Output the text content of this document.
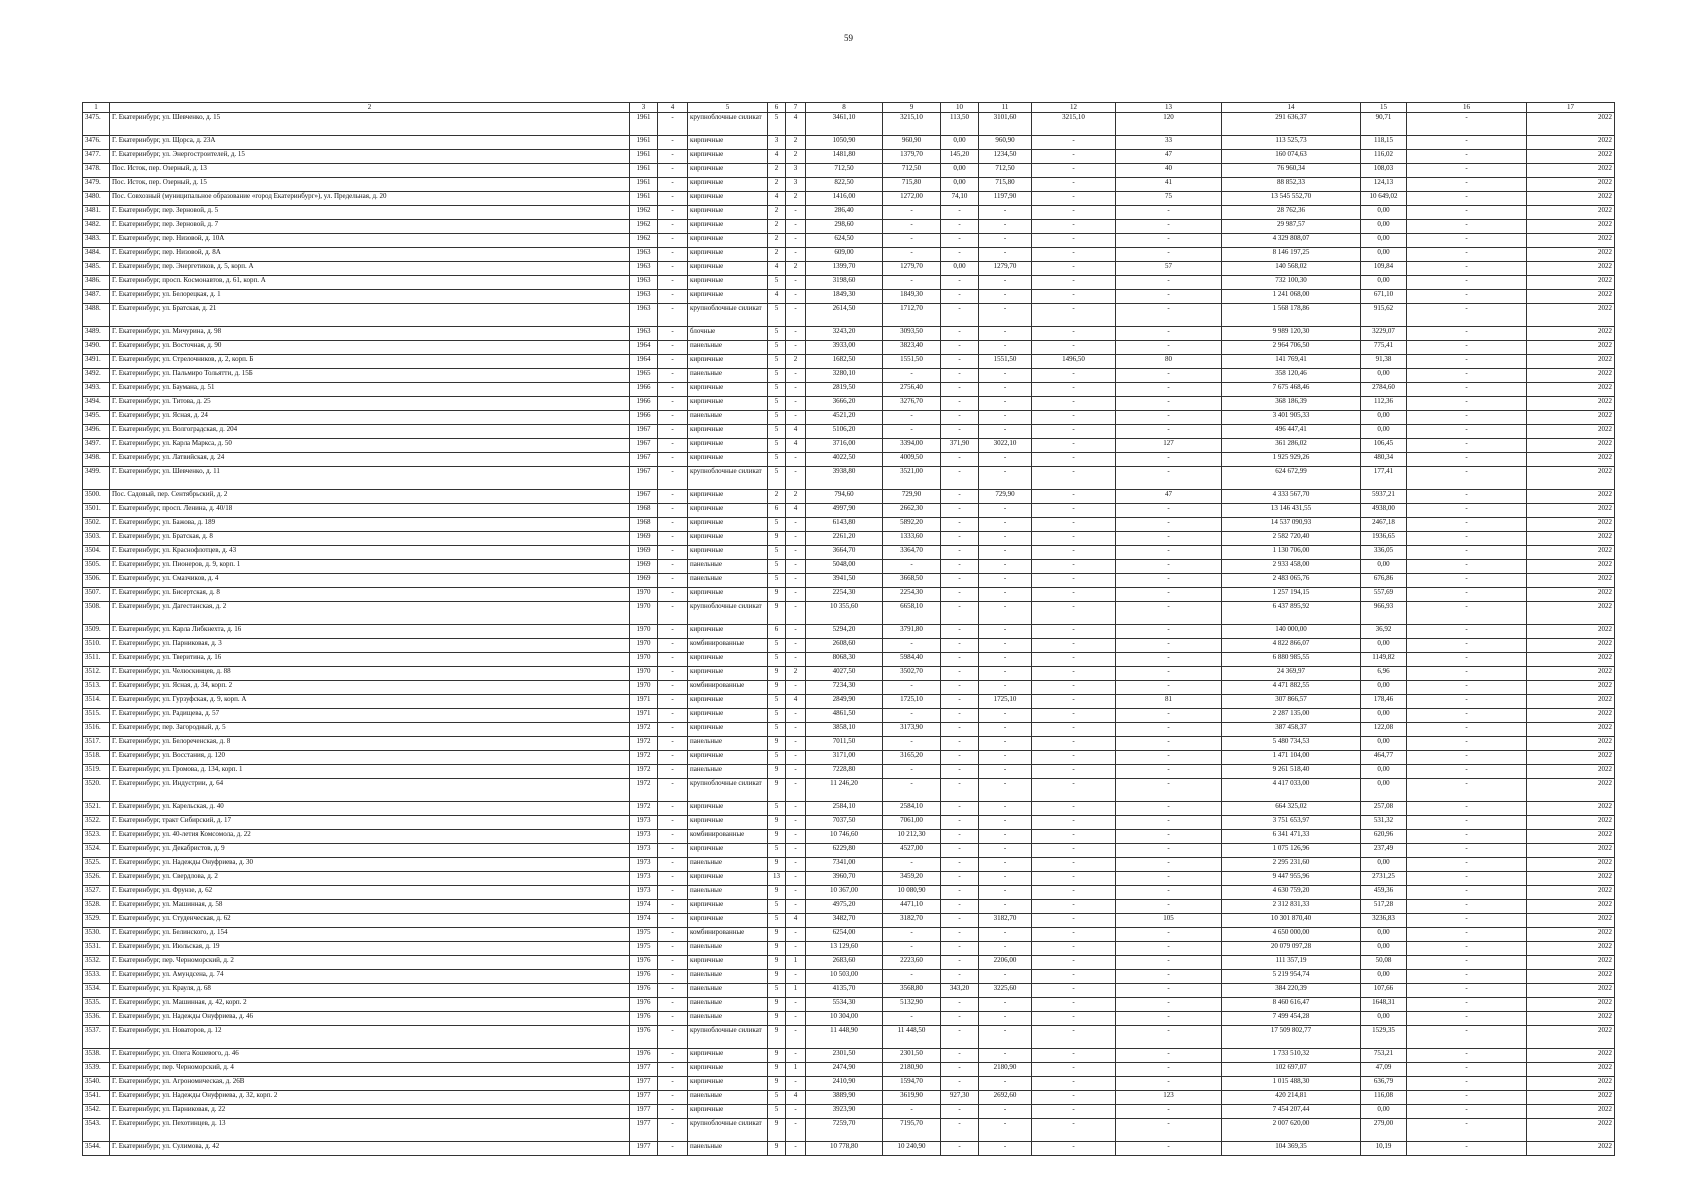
59
1	2	3	4	5	6	7	8	9	10	11	12	13	14	15	16	17
3475.	Г. Екатеринбург, ул. Шевченко, д. 15	1961	-	крупноблочные силикат	5	4	3461,10	3215,10	113,50	3101,60	3215,10	120	291 636,37	90,71	-	2022
3476.	Г. Екатеринбург, ул. Щорса, д. 23А	1961	-	кирпичные	3	2	1050,90	960,90	0,00	960,90	-	33	113 525,73	118,15	-	2022
3477.	Г. Екатеринбург, ул. Энергостроителей, д. 15	1961	-	кирпичные	4	2	1481,80	1379,70	145,20	1234,50	-	47	160 074,63	116,02	-	2022
3478.	Пос. Исток, пер. Озерный, д. 13	1961	-	кирпичные	2	3	712,50	712,50	0,00	712,50	-	40	76 960,34	108,03	-	2022
3479.	Пос. Исток, пер. Озерный, д. 15	1961	-	кирпичные	2	3	822,50	715,80	0,00	715,80	-	41	88 852,33	124,13	-	2022
3480.	Пос. Совхозный (муниципальное образование «город Екатеринбург»), ул. Предельная, д. 20	1961	-	кирпичные	4	2	1416,00	1272,00	74,10	1197,90	-	75	13 545 552,70	10 649,02	-	2022
3481.	Г. Екатеринбург, пер. Зерновой, д. 5	1962	-	кирпичные	2	-	286,40	-	-	-	-	-	28 762,36	0,00	-	2022
3482.	Г. Екатеринбург, пер. Зерновой, д. 7	1962	-	кирпичные	2	-	298,60	-	-	-	-	-	29 987,57	0,00	-	2022
3483.	Г. Екатеринбург, пер. Низовой, д. 10А	1962	-	кирпичные	2	-	624,50	-	-	-	-	-	4 329 808,07	0,00	-	2022
3484.	Г. Екатеринбург, пер. Низовой, д. 8А	1963	-	кирпичные	2	-	609,00	-	-	-	-	-	8 146 197,25	0,00	-	2022
3485.	Г. Екатеринбург, пер. Энергетиков, д. 5, корп. А	1963	-	кирпичные	4	2	1399,70	1279,70	0,00	1279,70	-	57	140 568,02	109,84	-	2022
3486.	Г. Екатеринбург, просп. Космонавтов, д. 61, корп. А	1963	-	кирпичные	5	-	3198,60	-	-	-	-	-	732 100,30	0,00	-	2022
3487.	Г. Екатеринбург, ул. Белорецкая, д. 1	1963	-	кирпичные	4	-	1849,30	1849,30	-	-	-	-	1 241 068,00	671,10	-	2022
3488.	Г. Екатеринбург, ул. Братская, д. 21	1963	-	крупноблочные силикат	5	-	2614,50	1712,70	-	-	-	-	1 568 178,86	915,62	-	2022
3489.	Г. Екатеринбург, ул. Мичурина, д. 98	1963	-	блочные	5	-	3243,20	3093,50	-	-	-	-	9 989 120,30	3229,07	-	2022
3490.	Г. Екатеринбург, ул. Восточная, д. 90	1964	-	панельные	5	-	3933,00	3823,40	-	-	-	-	2 964 706,50	775,41	-	2022
3491.	Г. Екатеринбург, ул. Стрелочников, д. 2, корп. Б	1964	-	кирпичные	5	2	1682,50	1551,50	-	1551,50	1496,50	80	141 769,41	91,38	-	2022
3492.	Г. Екатеринбург, ул. Пальмиро Тольятти, д. 15Б	1965	-	панельные	5	-	3280,10	-	-	-	-	-	358 120,46	0,00	-	2022
3493.	Г. Екатеринбург, ул. Баумана, д. 51	1966	-	кирпичные	5	-	2819,50	2756,40	-	-	-	-	7 675 468,46	2784,60	-	2022
3494.	Г. Екатеринбург, ул. Титова, д. 25	1966	-	кирпичные	5	-	3666,20	3276,70	-	-	-	-	368 186,39	112,36	-	2022
3495.	Г. Екатеринбург, ул. Ясная, д. 24	1966	-	панельные	5	-	4521,20	-	-	-	-	-	3 401 905,33	0,00	-	2022
3496.	Г. Екатеринбург, ул. Волгоградская, д. 204	1967	-	кирпичные	5	4	5106,20	-	-	-	-	-	496 447,41	0,00	-	2022
3497.	Г. Екатеринбург, ул. Карла Маркса, д. 50	1967	-	кирпичные	5	4	3716,00	3394,00	371,90	3022,10	-	127	361 286,02	106,45	-	2022
3498.	Г. Екатеринбург, ул. Латвийская, д. 24	1967	-	кирпичные	5	-	4022,50	4009,50	-	-	-	-	1 925 929,26	480,34	-	2022
3499.	Г. Екатеринбург, ул. Шевченко, д. 11	1967	-	крупноблочные силикат	5	-	3938,80	3521,00	-	-	-	-	624 672,99	177,41	-	2022
3500.	Пос. Садовый, пер. Сентябрьский, д. 2	1967	-	кирпичные	2	2	794,60	729,90	-	729,90	-	47	4 333 567,70	5937,21	-	2022
3501.	Г. Екатеринбург, просп. Ленина, д. 40/18	1968	-	кирпичные	6	4	4997,90	2662,30	-	-	-	-	13 146 431,55	4938,00	-	2022
3502.	Г. Екатеринбург, ул. Бажова, д. 189	1968	-	кирпичные	5	-	6143,80	5892,20	-	-	-	-	14 537 090,93	2467,18	-	2022
3503.	Г. Екатеринбург, ул. Братская, д. 8	1969	-	кирпичные	9	-	2261,20	1333,60	-	-	-	-	2 582 720,40	1936,65	-	2022
3504.	Г. Екатеринбург, ул. Краснофлотцев, д. 43	1969	-	кирпичные	5	-	3664,70	3364,70	-	-	-	-	1 130 706,00	336,05	-	2022
3505.	Г. Екатеринбург, ул. Пионеров, д. 9, корп. 1	1969	-	панельные	5	-	5048,00	-	-	-	-	-	2 933 458,00	0,00	-	2022
3506.	Г. Екатеринбург, ул. Смазчиков, д. 4	1969	-	панельные	5	-	3941,50	3668,50	-	-	-	-	2 483 065,76	676,86	-	2022
3507.	Г. Екатеринбург, ул. Бисертская, д. 8	1970	-	кирпичные	9	-	2254,30	2254,30	-	-	-	-	1 257 194,15	557,69	-	2022
3508.	Г. Екатеринбург, ул. Дагестанская, д. 2	1970	-	крупноблочные силикат	9	-	10 355,60	6658,10	-	-	-	-	6 437 895,92	966,93	-	2022
3509.	Г. Екатеринбург, ул. Карла Либкнехта, д. 16	1970	-	кирпичные	6	-	5294,20	3791,80	-	-	-	-	140 000,00	36,92	-	2022
3510.	Г. Екатеринбург, ул. Парниковая, д. 3	1970	-	комбинированные	5	-	2608,60	-	-	-	-	-	4 822 866,07	0,00	-	2022
3511.	Г. Екатеринбург, ул. Тверитина, д. 16	1970	-	кирпичные	5	-	8068,30	5984,40	-	-	-	-	6 880 985,55	1149,82	-	2022
3512.	Г. Екатеринбург, ул. Челюскинцев, д. 88	1970	-	кирпичные	9	2	4027,50	3502,70	-	-	-	-	24 369,97	6,96	-	2022
3513.	Г. Екатеринбург, ул. Ясная, д. 34, корп. 2	1970	-	комбинированные	9	-	7234,30	-	-	-	-	-	4 471 882,55	0,00	-	2022
3514.	Г. Екатеринбург, ул. Гурзуфская, д. 9, корп. А	1971	-	кирпичные	5	4	2849,90	1725,10	-	1725,10	-	81	307 866,57	178,46	-	2022
3515.	Г. Екатеринбург, ул. Радищева, д. 57	1971	-	кирпичные	5	-	4861,50	-	-	-	-	-	2 287 135,00	0,00	-	2022
3516.	Г. Екатеринбург, пер. Загородный, д. 5	1972	-	кирпичные	5	-	3858,10	3173,90	-	-	-	-	387 458,37	122,08	-	2022
3517.	Г. Екатеринбург, ул. Белореченская, д. 8	1972	-	панельные	9	-	7011,50	-	-	-	-	-	5 480 734,53	0,00	-	2022
3518.	Г. Екатеринбург, ул. Восстания, д. 120	1972	-	кирпичные	5	-	3171,00	3165,20	-	-	-	-	1 471 104,00	464,77	-	2022
3519.	Г. Екатеринбург, ул. Громова, д. 134, корп. 1	1972	-	панельные	9	-	7228,80	-	-	-	-	-	9 261 518,40	0,00	-	2022
3520.	Г. Екатеринбург, ул. Индустрии, д. 64	1972	-	крупноблочные силикат	9	-	11 246,20	-	-	-	-	-	4 417 033,00	0,00	-	2022
3521.	Г. Екатеринбург, ул. Карельская, д. 40	1972	-	кирпичные	5	-	2584,10	2584,10	-	-	-	-	664 325,02	257,08	-	2022
3522.	Г. Екатеринбург, тракт Сибирский, д. 17	1973	-	кирпичные	9	-	7037,50	7061,00	-	-	-	-	3 751 653,97	531,32	-	2022
3523.	Г. Екатеринбург, ул. 40-летия Комсомола, д. 22	1973	-	комбинированные	9	-	10 746,60	10 212,30	-	-	-	-	6 341 471,33	620,96	-	2022
3524.	Г. Екатеринбург, ул. Декабристов, д. 9	1973	-	кирпичные	5	-	6229,80	4527,00	-	-	-	-	1 075 126,96	237,49	-	2022
3525.	Г. Екатеринбург, ул. Надежды Онуфриева, д. 30	1973	-	панельные	9	-	7341,00	-	-	-	-	-	2 295 231,60	0,00	-	2022
3526.	Г. Екатеринбург, ул. Свердлова, д. 2	1973	-	кирпичные	13	-	3960,70	3459,20	-	-	-	-	9 447 955,96	2731,25	-	2022
3527.	Г. Екатеринбург, ул. Фрунзе, д. 62	1973	-	панельные	9	-	10 367,00	10 080,90	-	-	-	-	4 630 759,20	459,36	-	2022
3528.	Г. Екатеринбург, ул. Машинная, д. 58	1974	-	кирпичные	5	-	4975,20	4471,10	-	-	-	-	2 312 831,33	517,28	-	2022
3529.	Г. Екатеринбург, ул. Студенческая, д. 62	1974	-	кирпичные	5	4	3482,70	3182,70	-	3182,70	-	105	10 301 870,40	3236,83	-	2022
3530.	Г. Екатеринбург, ул. Белинского, д. 154	1975	-	комбинированные	9	-	6254,00	-	-	-	-	-	4 650 000,00	0,00	-	2022
3531.	Г. Екатеринбург, ул. Июльская, д. 19	1975	-	панельные	9	-	13 129,60	-	-	-	-	-	20 079 097,28	0,00	-	2022
3532.	Г. Екатеринбург, пер. Черноморский, д. 2	1976	-	кирпичные	9	1	2683,60	2223,60	-	2206,00	-	-	111 357,19	50,08	-	2022
3533.	Г. Екатеринбург, ул. Амундсена, д. 74	1976	-	панельные	9	-	10 503,00	-	-	-	-	-	5 219 954,74	0,00	-	2022
3534.	Г. Екатеринбург, ул. Крауля, д. 68	1976	-	панельные	5	1	4135,70	3568,80	343,20	3225,60	-	-	384 220,39	107,66	-	2022
3535.	Г. Екатеринбург, ул. Машинная, д. 42, корп. 2	1976	-	панельные	9	-	5534,30	5132,90	-	-	-	-	8 460 616,47	1648,31	-	2022
3536.	Г. Екатеринбург, ул. Надежды Онуфриева, д. 46	1976	-	панельные	9	-	10 304,00	-	-	-	-	-	7 499 454,28	0,00	-	2022
3537.	Г. Екатеринбург, ул. Новаторов, д. 12	1976	-	крупноблочные силикат	9	-	11 448,90	11 448,50	-	-	-	-	17 509 802,77	1529,35	-	2022
3538.	Г. Екатеринбург, ул. Олега Кошевого, д. 46	1976	-	кирпичные	9	-	2301,50	2301,50	-	-	-	-	1 733 510,32	753,21	-	2022
3539.	Г. Екатеринбург, пер. Черноморский, д. 4	1977	-	кирпичные	9	1	2474,90	2180,90	-	2180,90	-	-	102 697,07	47,09	-	2022
3540.	Г. Екатеринбург, ул. Агрономическая, д. 26В	1977	-	кирпичные	9	-	2410,90	1594,70	-	-	-	-	1 015 488,30	636,79	-	2022
3541.	Г. Екатеринбург, ул. Надежды Онуфриева, д. 32, корп. 2	1977	-	панельные	5	4	3889,90	3619,90	927,30	2692,60	-	123	420 214,81	116,08	-	2022
3542.	Г. Екатеринбург, ул. Парниковая, д. 22	1977	-	кирпичные	5	-	3923,90	-	-	-	-	-	7 454 207,44	0,00	-	2022
3543.	Г. Екатеринбург, ул. Пехотинцев, д. 13	1977	-	крупноблочные силикат	9	-	7259,70	7195,70	-	-	-	-	2 007 620,00	279,00	-	2022
3544.	Г. Екатеринбург, ул. Сулимова, д. 42	1977	-	панельные	9	-	10 778,80	10 240,90	-	-	-	-	104 369,35	10,19	-	2022
